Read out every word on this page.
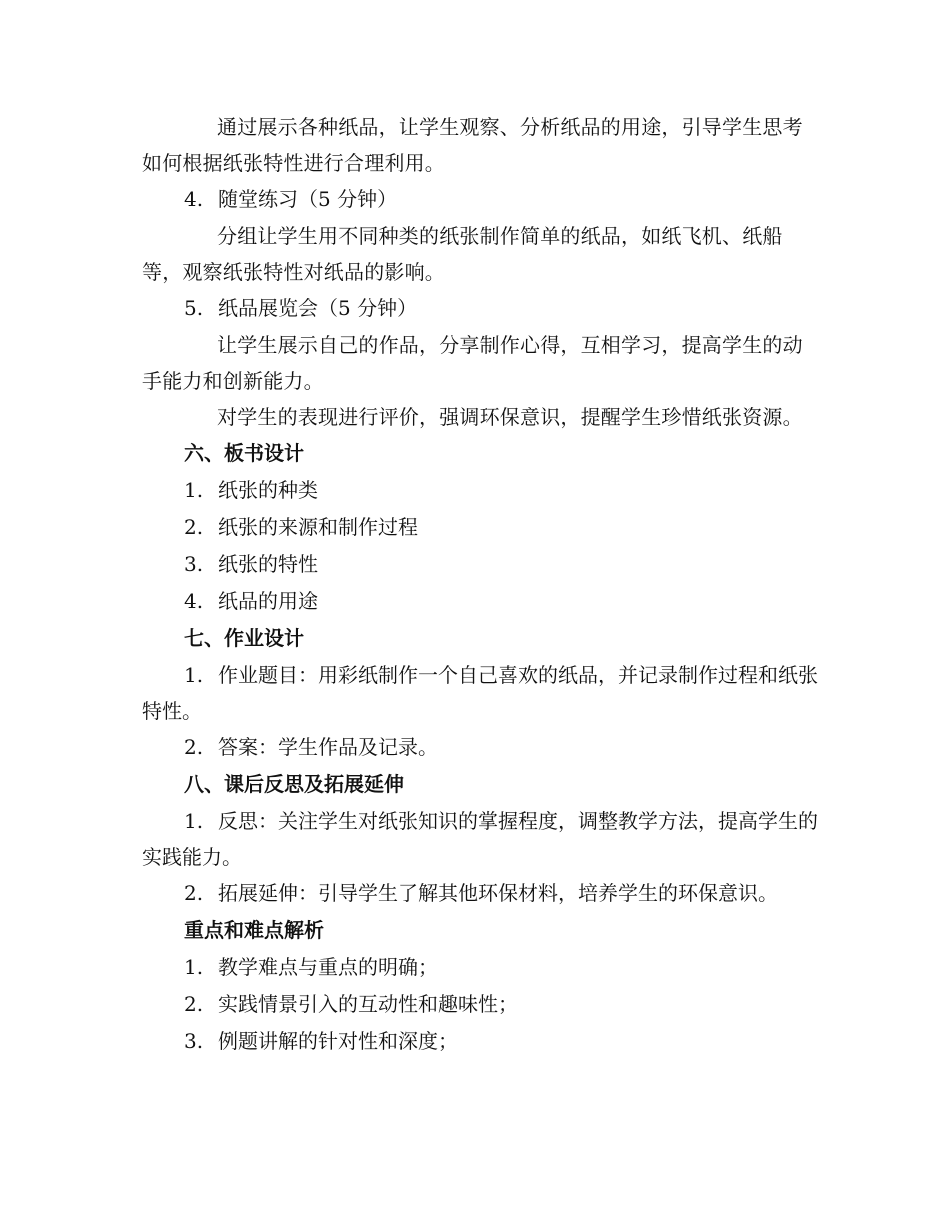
通过展示各种纸品，让学生观察、分析纸品的用途，引导学生思考如何根据纸张特性进行合理利用。

4. 随堂练习（5 分钟）

分组让学生用不同种类的纸张制作简单的纸品，如纸飞机、纸船等，观察纸张特性对纸品的影响。

5. 纸品展览会（5 分钟）

让学生展示自己的作品，分享制作心得，互相学习，提高学生的动手能力和创新能力。

对学生的表现进行评价，强调环保意识，提醒学生珍惜纸张资源。

六、板书设计

1. 纸张的种类

2. 纸张的来源和制作过程

3. 纸张的特性

4. 纸品的用途

七、作业设计

1. 作业题目：用彩纸制作一个自己喜欢的纸品，并记录制作过程和纸张特性。

2. 答案：学生作品及记录。

八、课后反思及拓展延伸

1. 反思：关注学生对纸张知识的掌握程度，调整教学方法，提高学生的实践能力。

2. 拓展延伸：引导学生了解其他环保材料，培养学生的环保意识。

重点和难点解析

1. 教学难点与重点的明确；

2. 实践情景引入的互动性和趣味性；

3. 例题讲解的针对性和深度；
